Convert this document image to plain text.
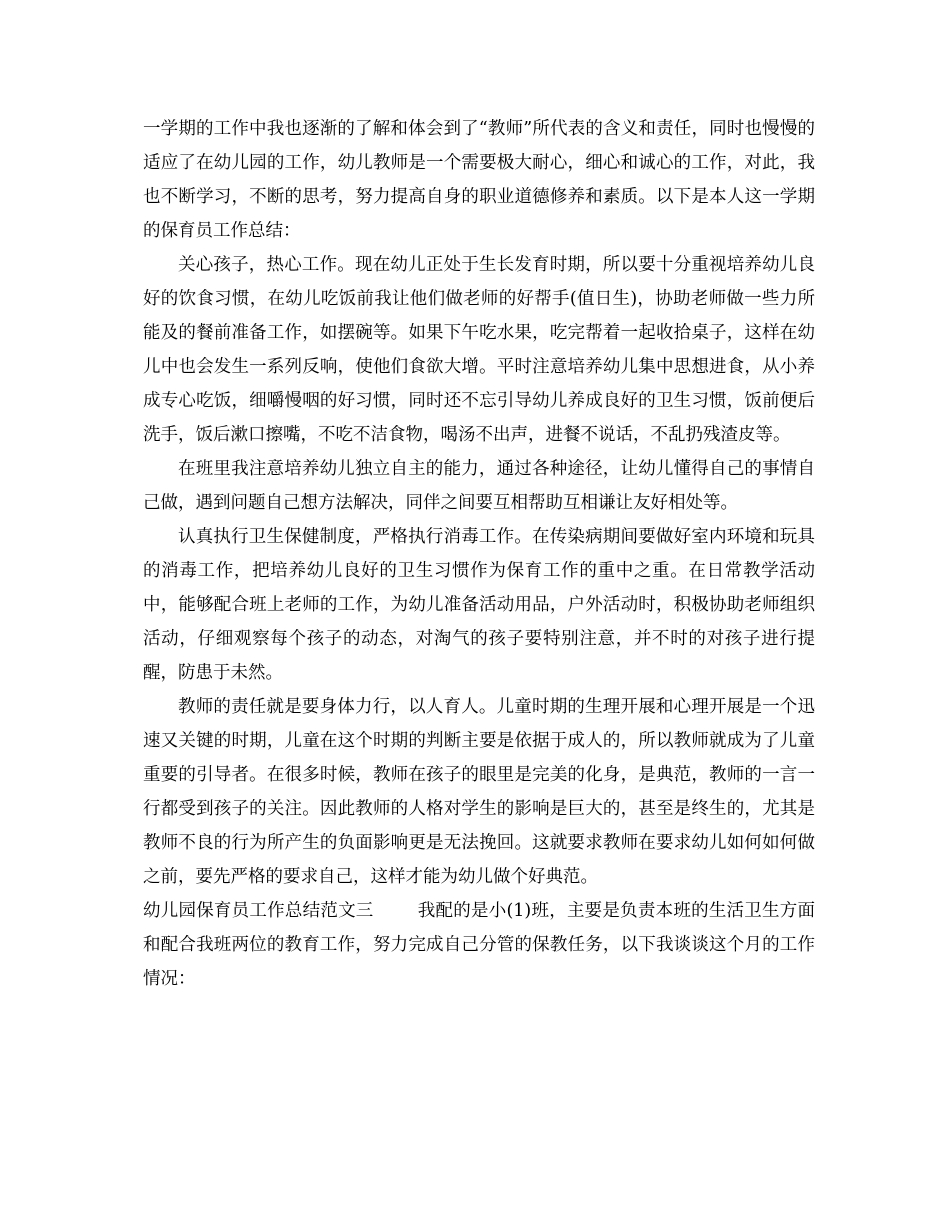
一学期的工作中我也逐渐的了解和体会到了“教师”所代表的含义和责任，同时也慢慢的适应了在幼儿园的工作，幼儿教师是一个需要极大耐心，细心和诚心的工作，对此，我也不断学习，不断的思考，努力提高自身的职业道德修养和素质。以下是本人这一学期的保育员工作总结：

关心孩子，热心工作。现在幼儿正处于生长发育时期，所以要十分重视培养幼儿良好的饮食习惯，在幼儿吃饭前我让他们做老师的好帮手(值日生)，协助老师做一些力所能及的餐前准备工作，如摆碗等。如果下午吃水果，吃完帮着一起收拾桌子，这样在幼儿中也会发生一系列反响，使他们食欲大增。平时注意培养幼儿集中思想进食，从小养成专心吃饭，细嚼慢咽的好习惯，同时还不忘引导幼儿养成良好的卫生习惯，饭前便后洗手，饭后漱口擦嘴，不吃不洁食物，喝汤不出声，进餐不说话，不乱扔残渣皮等。

在班里我注意培养幼儿独立自主的能力，通过各种途径，让幼儿懂得自己的事情自己做，遇到问题自己想方法解决，同伴之间要互相帮助互相谦让友好相处等。

认真执行卫生保健制度，严格执行消毒工作。在传染病期间要做好室内环境和玩具的消毒工作，把培养幼儿良好的卫生习惯作为保育工作的重中之重。在日常教学活动中，能够配合班上老师的工作，为幼儿准备活动用品，户外活动时，积极协助老师组织活动，仔细观察每个孩子的动态，对淘气的孩子要特别注意，并不时的对孩子进行提醒，防患于未然。

教师的责任就是要身体力行，以人育人。儿童时期的生理开展和心理开展是一个迅速又关键的时期，儿童在这个时期的判断主要是依据于成人的，所以教师就成为了儿童重要的引导者。在很多时候，教师在孩子的眼里是完美的化身，是典范，教师的一言一行都受到孩子的关注。因此教师的人格对学生的影响是巨大的，甚至是终生的，尤其是教师不良的行为所产生的负面影响更是无法挽回。这就要求教师在要求幼儿如何如何做之前，要先严格的要求自己，这样才能为幼儿做个好典范。

幼儿园保育员工作总结范文三	我配的是小(1)班，主要是负责本班的生活卫生方面和配合我班两位的教育工作，努力完成自己分管的保教任务，以下我谈谈这个月的工作情况：
